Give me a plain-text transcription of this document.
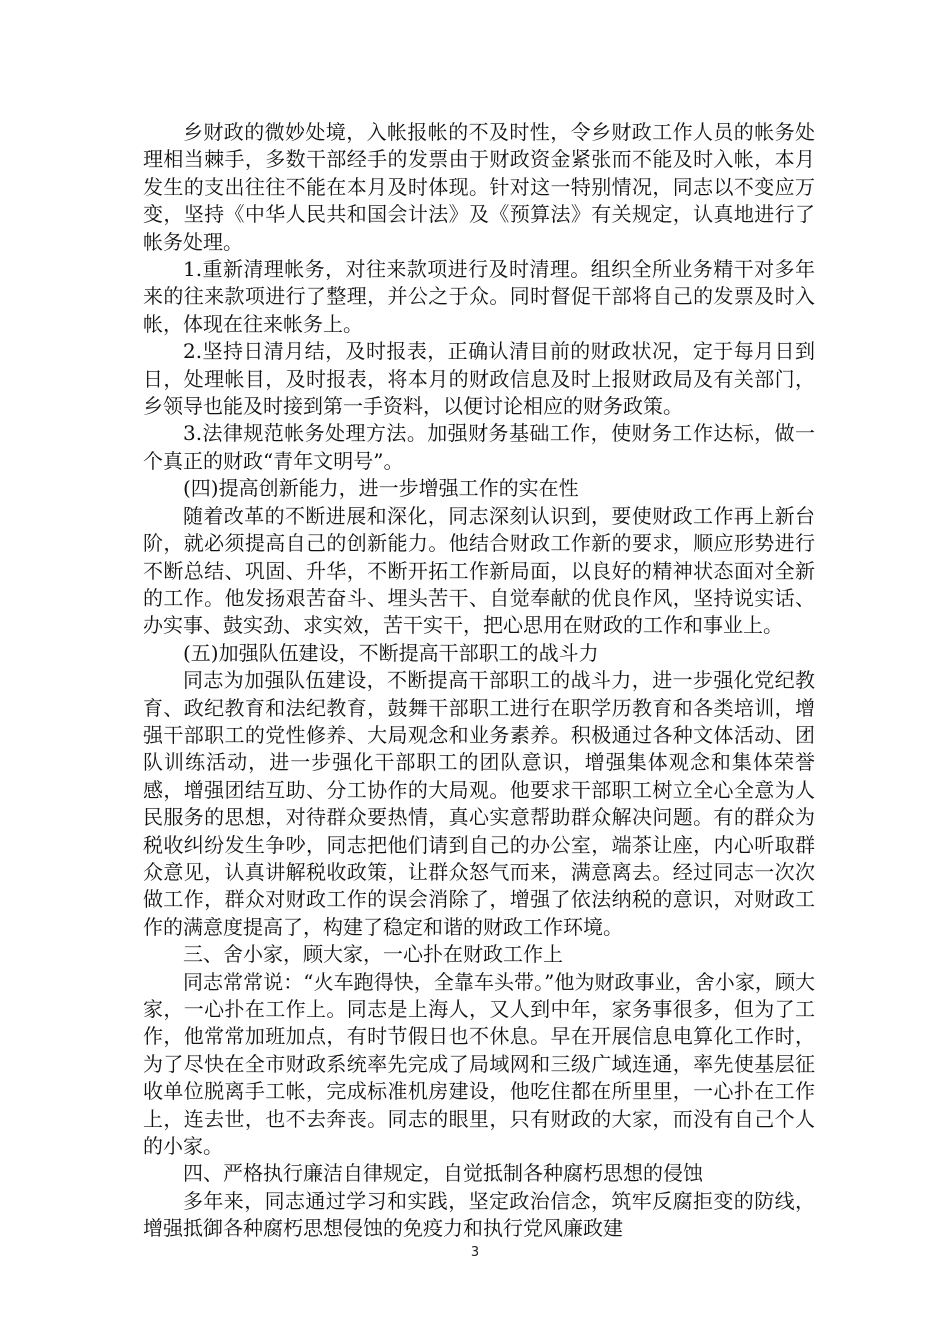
乡财政的微妙处境，入帐报帐的不及时性，令乡财政工作人员的帐务处理相当棘手，多数干部经手的发票由于财政资金紧张而不能及时入帐，本月发生的支出往往不能在本月及时体现。针对这一特别情况，同志以不变应万变，坚持《中华人民共和国会计法》及《预算法》有关规定，认真地进行了帐务处理。

1.重新清理帐务，对往来款项进行及时清理。组织全所业务精干对多年来的往来款项进行了整理，并公之于众。同时督促干部将自己的发票及时入帐，体现在往来帐务上。

2.坚持日清月结，及时报表，正确认清目前的财政状况，定于每月日到日，处理帐目，及时报表，将本月的财政信息及时上报财政局及有关部门，乡领导也能及时接到第一手资料，以便讨论相应的财务政策。

3.法律规范帐务处理方法。加强财务基础工作，使财务工作达标，做一个真正的财政“青年文明号”。

(四)提高创新能力，进一步增强工作的实在性

随着改革的不断进展和深化，同志深刻认识到，要使财政工作再上新台阶，就必须提高自己的创新能力。他结合财政工作新的要求，顺应形势进行不断总结、巩固、升华，不断开拓工作新局面，以良好的精神状态面对全新的工作。他发扬艰苦奋斗、埋头苦干、自觉奉献的优良作风，坚持说实话、办实事、鼓实劲、求实效，苦干实干，把心思用在财政的工作和事业上。

(五)加强队伍建设，不断提高干部职工的战斗力

同志为加强队伍建设，不断提高干部职工的战斗力，进一步强化党纪教育、政纪教育和法纪教育，鼓舞干部职工进行在职学历教育和各类培训，增强干部职工的党性修养、大局观念和业务素养。积极通过各种文体活动、团队训练活动，进一步强化干部职工的团队意识，增强集体观念和集体荣誉感，增强团结互助、分工协作的大局观。他要求干部职工树立全心全意为人民服务的思想，对待群众要热情，真心实意帮助群众解决问题。有的群众为税收纠纷发生争吵，同志把他们请到自己的办公室，端茶让座，内心听取群众意见，认真讲解税收政策，让群众怒气而来，满意离去。经过同志一次次做工作，群众对财政工作的误会消除了，增强了依法纳税的意识，对财政工作的满意度提高了，构建了稳定和谐的财政工作环境。

三、舍小家，顾大家，一心扑在财政工作上

同志常常说：“火车跑得快，全靠车头带。”他为财政事业，舍小家，顾大家，一心扑在工作上。同志是上海人，又人到中年，家务事很多，但为了工作，他常常加班加点，有时节假日也不休息。早在开展信息电算化工作时，为了尽快在全市财政系统率先完成了局域网和三级广域连通，率先使基层征收单位脱离手工帐，完成标准机房建设，他吃住都在所里里，一心扑在工作上，连去世，也不去奔丧。同志的眼里，只有财政的大家，而没有自己个人的小家。

四、严格执行廉洁自律规定，自觉抵制各种腐朽思想的侵蚀

多年来，同志通过学习和实践，坚定政治信念，筑牢反腐拒变的防线，增强抵御各种腐朽思想侵蚀的免疫力和执行党风廉政建

3
